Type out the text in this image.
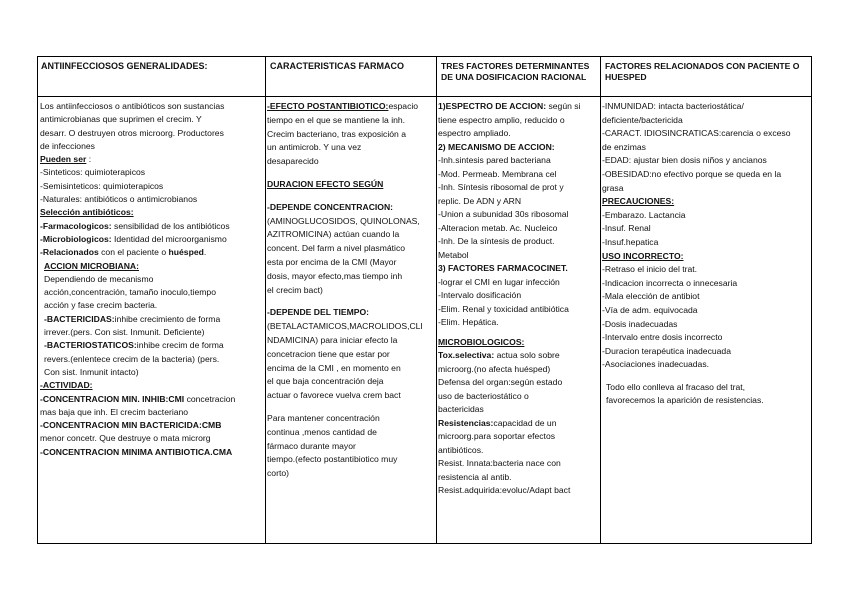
ANTIINFECCIOSOS GENERALIDADES:	CARACTERISTICAS FARMACO	TRES FACTORES DETERMINANTES
DE UNA DOSIFICACION RACIONAL
FACTORES RELACIONADOS CON PACIENTE O
HUESPED
Los antiinfecciosos o antibióticos son sustancias
antimicrobianas que suprimen el crecim. Y
desarr. O destruyen otros microorg. Productores
de infecciones
Pueden ser :
-Sinteticos: quimioterapicos
-Semisinteticos: quimioterapicos
-Naturales: antibióticos o antimicrobianos
Selección antibióticos:
-Farmacologicos: sensibilidad de los antibióticos
-Microbiologicos: Identidad del microorganismo
-Relacionados con el paciente o huésped.
ACCION MICROBIANA:
Dependiendo de mecanismo
acción,concentración, tamaño inoculo,tiempo
acción y fase crecim bacteria.
-BACTERICIDAS:inhibe crecimiento de forma
irrever.(pers. Con sist. Inmunit. Deficiente)
-BACTERIOSTATICOS:inhibe crecim de forma
revers.(enlentece crecim de la bacteria) (pers.
Con sist. Inmunit intacto)
-ACTIVIDAD:
-CONCENTRACION MIN. INHIB:CMI concetracion
mas baja que inh. El crecim bacteriano
-CONCENTRACION MIN BACTERICIDA:CMB
menor concetr. Que destruye o mata microrg
-CONCENTRACION MINIMA ANTIBIOTICA.CMA
-EFECTO POSTANTIBIOTICO:espacio
tiempo en el que se mantiene la inh.
Crecim bacteriano, tras exposición a
un antimicrob. Y una vez
desaparecido
DURACION EFECTO SEGÚN
-DEPENDE CONCENTRACION:
(AMINOGLUCOSIDOS, QUINOLONAS,
AZITROMICINA) actúan cuando la
concent. Del farm a nivel plasmático
esta por encima de la CMI (Mayor
dosis, mayor efecto,mas tiempo inh
el crecim bact)
-DEPENDE DEL TIEMPO:
(BETALACTAMICOS,MACROLIDOS,CLI
NDAMICINA) para iniciar efecto la
concetracion tiene que estar por
encima de la CMI , en momento en
el que baja concentración deja
actuar o favorece vuelva crem bact
Para mantener concentración
continua ,menos cantidad de
fármaco durante mayor
tiempo.(efecto postantibiotico muy
corto)
1)ESPECTRO DE ACCION: según si
tiene espectro amplio, reducido o
espectro ampliado.
2) MECANISMO DE ACCION:
-Inh.sintesis pared bacteriana
-Mod. Permeab. Membrana cel
-Inh. Síntesis ribosomal de prot y
replic. De ADN y ARN
-Union a subunidad 30s ribosomal
-Alteracion metab. Ac. Nucleico
-Inh. De la síntesis de product.
Metabol
3) FACTORES FARMACOCINET.
-lograr el CMI en lugar infección
-Intervalo dosificación
-Elim. Renal y toxicidad antibiótica
-Elim. Hepática.
MICROBIOLOGICOS:
Tox.selectiva: actua solo sobre
microorg.(no afecta huésped)
Defensa del organ:según estado
uso de bacteriostático o
bactericidas
Resistencias:capacidad de un
microorg.para soportar efectos
antibióticos.
Resist. Innata:bacteria nace con
resistencia al antib.
Resist.adquirida:evoluc/Adapt bact
-INMUNIDAD: intacta bacteriostática/
deficiente/bactericida
-CARACT. IDIOSINCRATICAS:carencia o exceso
de enzimas
-EDAD: ajustar bien dosis niños y ancianos
-OBESIDAD:no efectivo porque se queda en la
grasa
PRECAUCIONES:
-Embarazo. Lactancia
-Insuf. Renal
-Insuf.hepatica
USO INCORRECTO:
-Retraso el inicio del trat.
-Indicacion incorrecta o innecesaria
-Mala elección de antibiot
-Vía de adm. equivocada
-Dosis inadecuadas
-Intervalo entre dosis incorrecto
-Duracion terapéutica inadecuada
-Asociaciones inadecuadas.
Todo ello conlleva al fracaso del trat,
favorecemos la aparición de resistencias.
